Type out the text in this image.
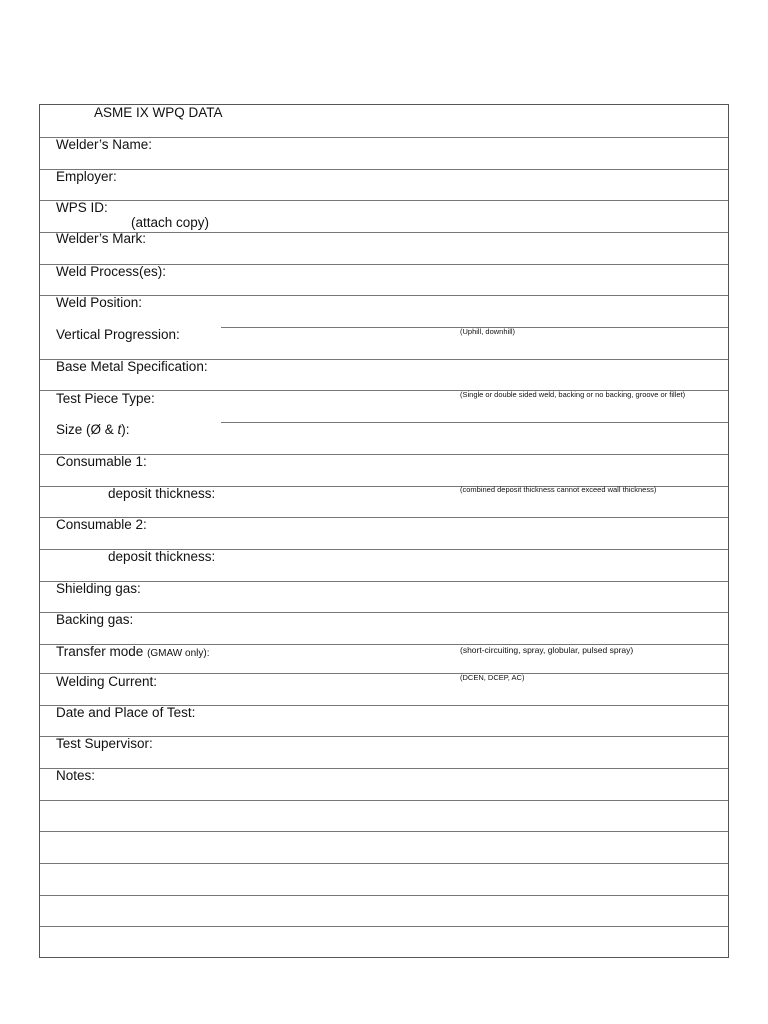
ASME IX WPQ DATA
Welder’s Name:
Employer:
WPS ID:
(attach copy)
Welder’s Mark:
Weld Process(es):
Weld Position:
Vertical Progression:	(Uphill, downhill)
Base Metal Specification:
Test Piece Type:	(Single or double sided weld, backing or no backing, groove or fillet)
Size (Ø & t):
Consumable 1:
deposit thickness:	(combined deposit thickness cannot exceed wall thickness)
Consumable 2:
deposit thickness:
Shielding gas:
Backing gas:
Transfer mode (GMAW only):	(short-circuiting, spray, globular, pulsed spray)
Welding Current:	(DCEN, DCEP, AC)
Date and Place of Test:
Test Supervisor:
Notes:
